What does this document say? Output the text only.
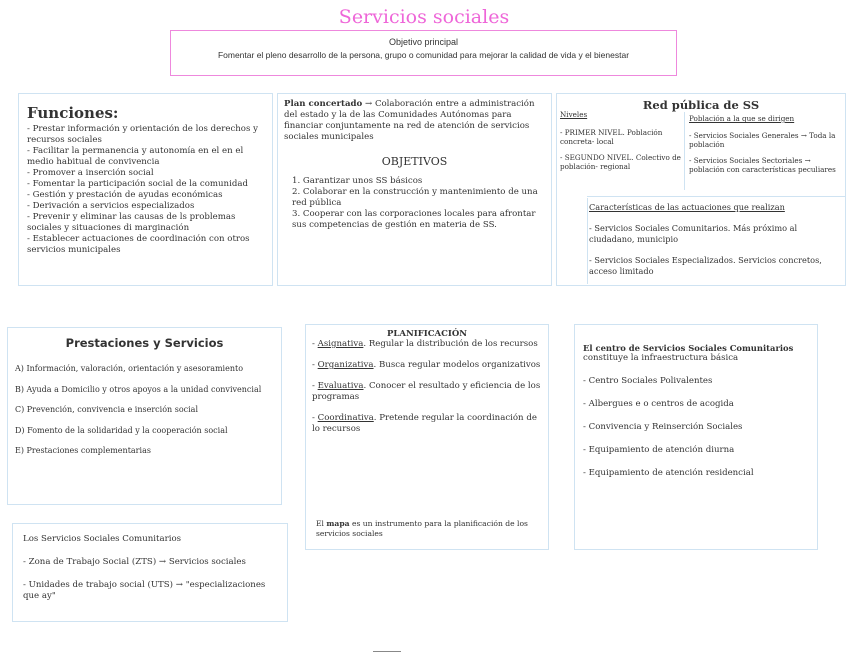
Servicios sociales
Objetivo principal
Fomentar el pleno desarrollo de la persona, grupo o comunidad para mejorar la calidad de vida y el bienestar
Funciones:
- Prestar información y orientación de los derechos y recursos sociales
- Facilitar la permanencia y autonomía en el en el medio habitual de convivencia
- Promover a inserción social
- Fomentar la participación social de la comunidad
- Gestión y prestación de ayudas económicas
- Derivación a servicios especializados
- Prevenir y eliminar las causas de ls problemas sociales y situaciones di marginación
- Establecer actuaciones de coordinación con otros servicios municipales
Plan concertado → Colaboración entre a administración del estado y la de las Comunidades Autónomas para financiar conjuntamente na red de atención de servicios sociales municipales
OBJETIVOS
1. Garantizar unos SS básicos
2. Colaborar en la construcción y mantenimiento de una red pública
3. Cooperar con las corporaciones locales para afrontar sus competencias de gestión en materia de SS.
Red pública de SS
Niveles
- PRIMER NIVEL. Población concreta- local
- SEGUNDO NIVEL. Colectivo de población- regional
Población a la que se dirigen
- Servicios Sociales Generales → Toda la población
- Servicios Sociales Sectoriales → población con características peculiares
Características de las actuaciones que realizan
- Servicios Sociales Comunitarios. Más próximo al ciudadano, municipio
- Servicios Sociales Especializados. Servicios concretos, acceso limitado
Prestaciones y Servicios
A) Información, valoración, orientación y asesoramiento
B) Ayuda a Domicilio y otros apoyos a la unidad convivencial
C) Prevención, convivencia e inserción social
D) Fomento de la solidaridad y la cooperación social
E) Prestaciones complementarias
PLANIFICACIÓN
- Asignativa. Regular la distribución de los recursos
- Organizativa. Busca regular modelos organizativos
- Evaluativa. Conocer el resultado y eficiencia de los programas
- Coordinativa. Pretende regular la coordinación de lo recursos
El mapa es un instrumento para la planificación de los servicios sociales
El centro de Servicios Sociales Comunitarios
constituye la infraestructura básica
- Centro Sociales Polivalentes
- Albergues e o centros de acogida
- Convivencia y Reinserción Sociales
- Equipamiento de atención diurna
- Equipamiento de atención residencial
Los Servicios Sociales Comunitarios
- Zona de Trabajo Social (ZTS) → Servicios sociales
- Unidades de trabajo social (UTS) → "especializaciones que ay"
